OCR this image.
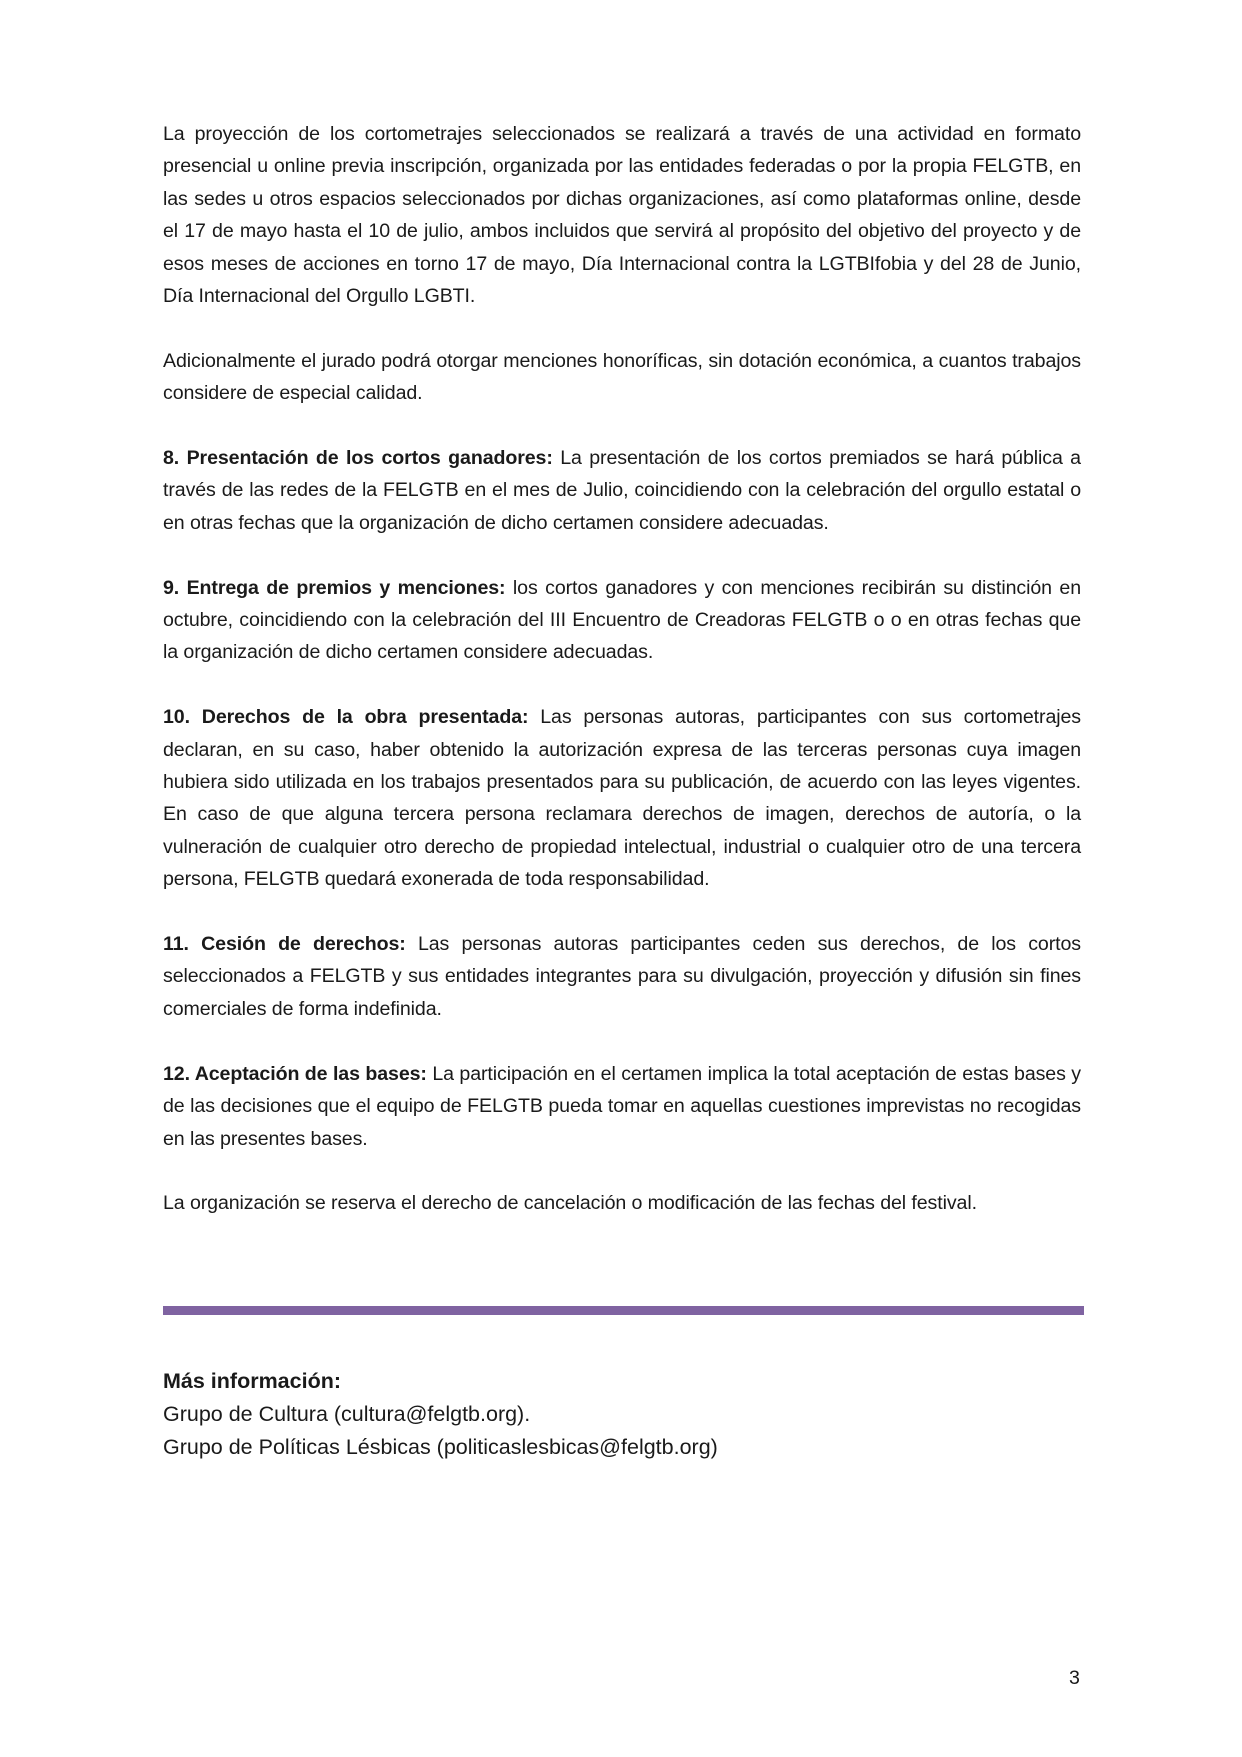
La proyección de los cortometrajes seleccionados se realizará a través de una actividad en formato presencial u online previa inscripción, organizada por las entidades federadas o por la propia FELGTB, en las sedes u otros espacios seleccionados por dichas organizaciones, así como plataformas online, desde el 17 de mayo hasta el 10 de julio, ambos incluidos que servirá al propósito del objetivo del proyecto y de esos meses de acciones en torno 17 de mayo, Día Internacional contra la LGTBIfobia y del 28 de Junio, Día Internacional del Orgullo LGBTI.

Adicionalmente el jurado podrá otorgar menciones honoríficas, sin dotación económica, a cuantos trabajos considere de especial calidad.

8. Presentación de los cortos ganadores: La presentación de los cortos premiados se hará pública a través de las redes de la FELGTB en el mes de Julio, coincidiendo con la celebración del orgullo estatal o en otras fechas que la organización de dicho certamen considere adecuadas.

9. Entrega de premios y menciones: los cortos ganadores y con menciones recibirán su distinción en octubre, coincidiendo con la celebración del III Encuentro de Creadoras FELGTB o o en otras fechas que la organización de dicho certamen considere adecuadas.

10. Derechos de la obra presentada: Las personas autoras, participantes con sus cortometrajes declaran, en su caso, haber obtenido la autorización expresa de las terceras personas cuya imagen hubiera sido utilizada en los trabajos presentados para su publicación, de acuerdo con las leyes vigentes. En caso de que alguna tercera persona reclamara derechos de imagen, derechos de autoría, o la vulneración de cualquier otro derecho de propiedad intelectual, industrial o cualquier otro de una tercera persona, FELGTB quedará exonerada de toda responsabilidad.

11. Cesión de derechos: Las personas autoras participantes ceden sus derechos, de los cortos seleccionados a FELGTB y sus entidades integrantes para su divulgación, proyección y difusión sin fines comerciales de forma indefinida.

12. Aceptación de las bases: La participación en el certamen implica la total aceptación de estas bases y de las decisiones que el equipo de FELGTB pueda tomar en aquellas cuestiones imprevistas no recogidas en las presentes bases.

La organización se reserva el derecho de cancelación o modificación de las fechas del festival.

Más información:
Grupo de Cultura (cultura@felgtb.org).
Grupo de Políticas Lésbicas (politicaslesbicas@felgtb.org)
3
